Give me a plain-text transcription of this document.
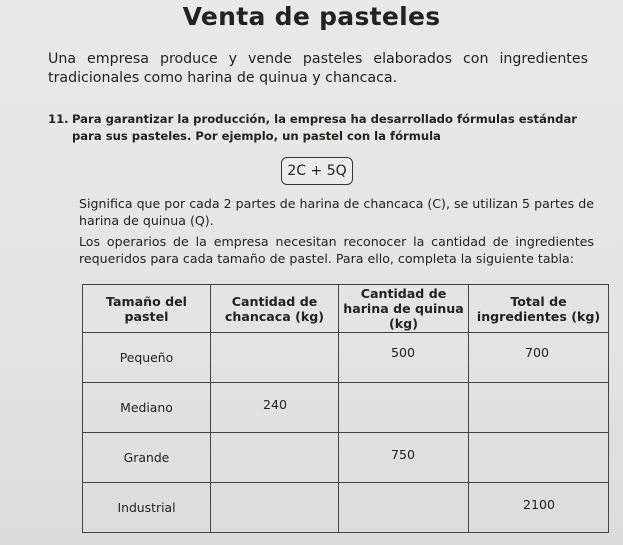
Venta de pasteles
Una empresa produce y vende pasteles elaborados con ingredientes tradicionales como harina de quinua y chancaca.
11. Para garantizar la producción, la empresa ha desarrollado fórmulas estándar para sus pasteles. Por ejemplo, un pastel con la fórmula
2C + 5Q
Significa que por cada 2 partes de harina de chancaca (C), se utilizan 5 partes de harina de quinua (Q).
Los operarios de la empresa necesitan reconocer la cantidad de ingredientes requeridos para cada tamaño de pastel. Para ello, completa la siguiente tabla:
Tamaño del pastel	Cantidad de chancaca (kg)	Cantidad de harina de quinua (kg)	Total de ingredientes (kg)
Pequeño		500	700

Mediano	240		

Grande		750	

Industrial			2100
